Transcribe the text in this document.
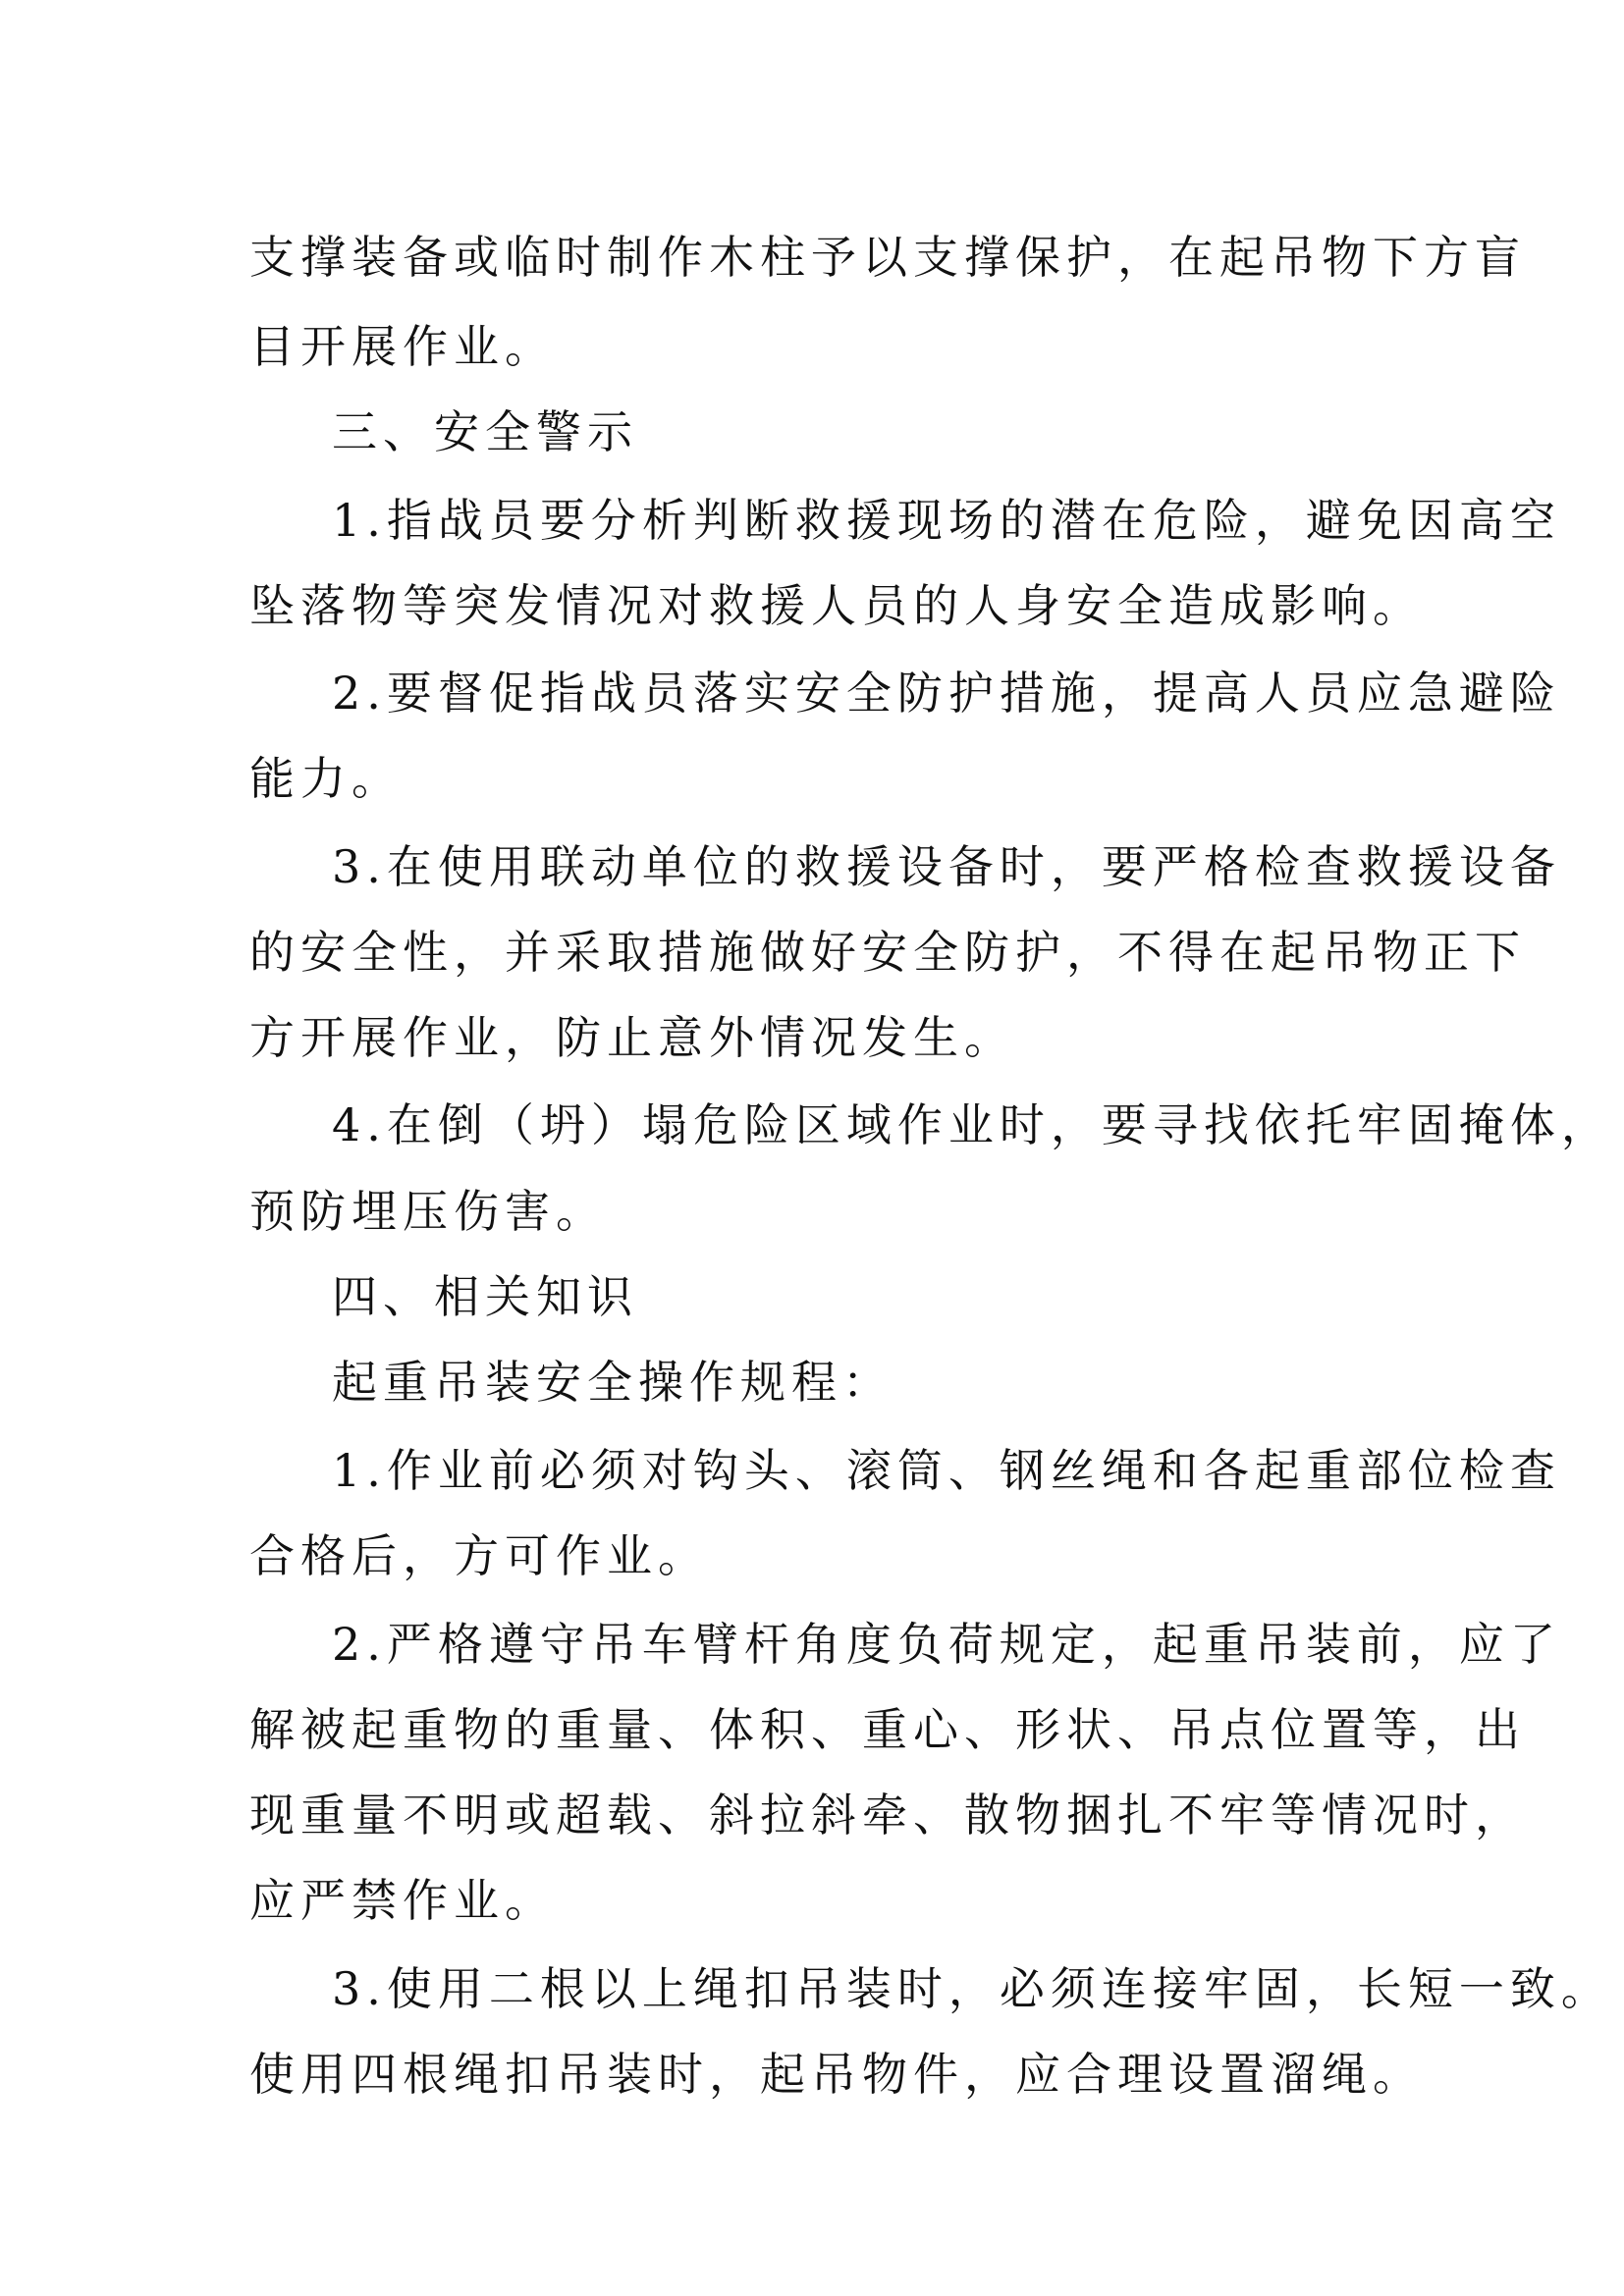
支撑装备或临时制作木柱予以支撑保护，在起吊物下方盲

目开展作业。

三、安全警示

1.指战员要分析判断救援现场的潜在危险，避免因高空

坠落物等突发情况对救援人员的人身安全造成影响。

2.要督促指战员落实安全防护措施，提高人员应急避险

能力。

3.在使用联动单位的救援设备时，要严格检查救援设备

的安全性，并采取措施做好安全防护，不得在起吊物正下

方开展作业，防止意外情况发生。

4.在倒（坍）塌危险区域作业时，要寻找依托牢固掩体，

预防埋压伤害。

四、相关知识

起重吊装安全操作规程：

1.作业前必须对钩头、滚筒、钢丝绳和各起重部位检查

合格后，方可作业。

2.严格遵守吊车臂杆角度负荷规定，起重吊装前，应了

解被起重物的重量、体积、重心、形状、吊点位置等，出

现重量不明或超载、斜拉斜牵、散物捆扎不牢等情况时，

应严禁作业。

3.使用二根以上绳扣吊装时，必须连接牢固，长短一致。

使用四根绳扣吊装时，起吊物件，应合理设置溜绳。
